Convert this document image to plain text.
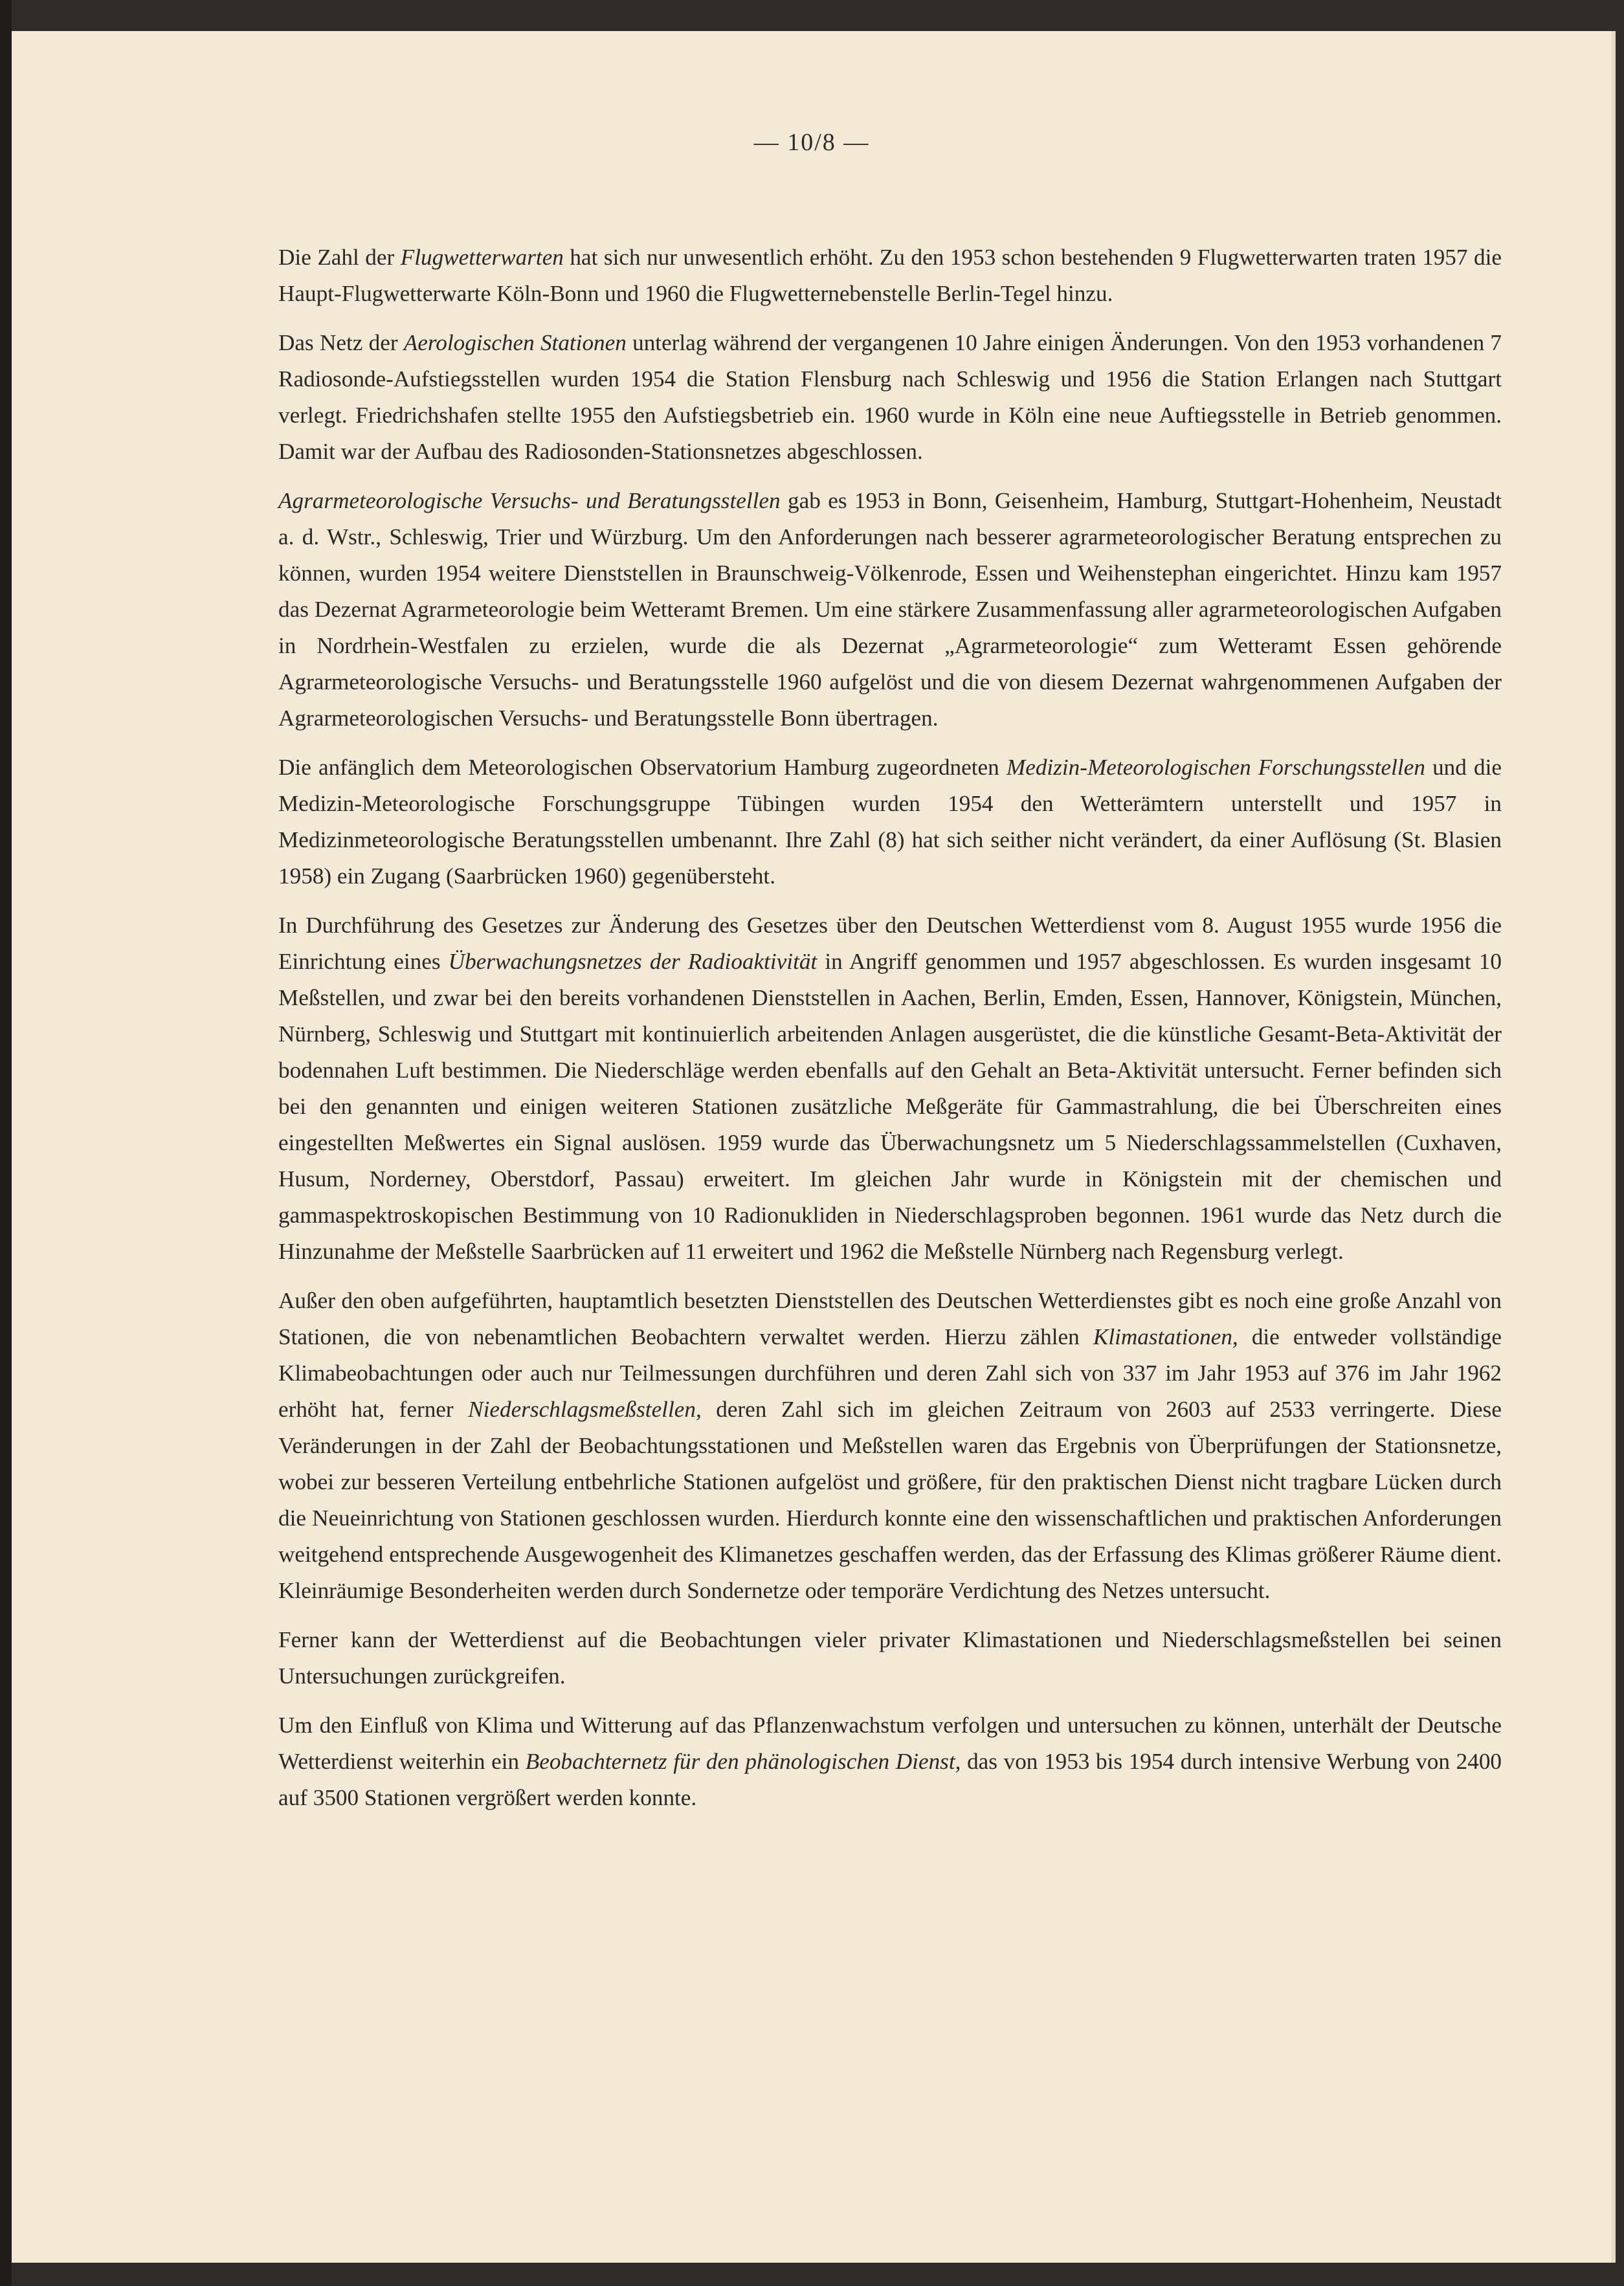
— 10/8 —

Die Zahl der Flugwetterwarten hat sich nur unwesentlich erhöht. Zu den 1953 schon bestehenden 9 Flugwetterwarten traten 1957 die Haupt-Flugwetterwarte Köln-Bonn und 1960 die Flugwetternebenstelle Berlin-Tegel hinzu.

Das Netz der Aerologischen Stationen unterlag während der vergangenen 10 Jahre einigen Änderungen. Von den 1953 vorhandenen 7 Radiosonde-Aufstiegsstellen wurden 1954 die Station Flensburg nach Schleswig und 1956 die Station Erlangen nach Stuttgart verlegt. Friedrichshafen stellte 1955 den Aufstiegsbetrieb ein. 1960 wurde in Köln eine neue Auftiegsstelle in Betrieb genommen. Damit war der Aufbau des Radiosonden-Stationsnetzes abgeschlossen.

Agrarmeteorologische Versuchs- und Beratungsstellen gab es 1953 in Bonn, Geisenheim, Hamburg, Stuttgart-Hohenheim, Neustadt a. d. Wstr., Schleswig, Trier und Würzburg. Um den Anforderungen nach besserer agrarmeteorologischer Beratung entsprechen zu können, wurden 1954 weitere Dienststellen in Braunschweig-Völkenrode, Essen und Weihenstephan eingerichtet. Hinzu kam 1957 das Dezernat Agrarmeteorologie beim Wetteramt Bremen. Um eine stärkere Zusammenfassung aller agrarmeteorologischen Aufgaben in Nordrhein-Westfalen zu erzielen, wurde die als Dezernat „Agrarmeteorologie“ zum Wetteramt Essen gehörende Agrarmeteorologische Versuchs- und Beratungsstelle 1960 aufgelöst und die von diesem Dezernat wahrgenommenen Aufgaben der Agrarmeteorologischen Versuchs- und Beratungsstelle Bonn übertragen.

Die anfänglich dem Meteorologischen Observatorium Hamburg zugeordneten Medizin-Meteorologischen Forschungsstellen und die Medizin-Meteorologische Forschungsgruppe Tübingen wurden 1954 den Wetterämtern unterstellt und 1957 in Medizinmeteorologische Beratungsstellen umbenannt. Ihre Zahl (8) hat sich seither nicht verändert, da einer Auflösung (St. Blasien 1958) ein Zugang (Saarbrücken 1960) gegenübersteht.

In Durchführung des Gesetzes zur Änderung des Gesetzes über den Deutschen Wetterdienst vom 8. August 1955 wurde 1956 die Einrichtung eines Überwachungsnetzes der Radioaktivität in Angriff genommen und 1957 abgeschlossen. Es wurden insgesamt 10 Meßstellen, und zwar bei den bereits vorhandenen Dienststellen in Aachen, Berlin, Emden, Essen, Hannover, Königstein, München, Nürnberg, Schleswig und Stuttgart mit kontinuierlich arbeitenden Anlagen ausgerüstet, die die künstliche Gesamt-Beta-Aktivität der bodennahen Luft bestimmen. Die Niederschläge werden ebenfalls auf den Gehalt an Beta-Aktivität untersucht. Ferner befinden sich bei den genannten und einigen weiteren Stationen zusätzliche Meßgeräte für Gammastrahlung, die bei Überschreiten eines eingestellten Meßwertes ein Signal auslösen. 1959 wurde das Überwachungsnetz um 5 Niederschlagssammelstellen (Cuxhaven, Husum, Norderney, Oberstdorf, Passau) erweitert. Im gleichen Jahr wurde in Königstein mit der chemischen und gammaspektroskopischen Bestimmung von 10 Radionukliden in Niederschlagsproben begonnen. 1961 wurde das Netz durch die Hinzunahme der Meßstelle Saarbrücken auf 11 erweitert und 1962 die Meßstelle Nürnberg nach Regensburg verlegt.

Außer den oben aufgeführten, hauptamtlich besetzten Dienststellen des Deutschen Wetterdienstes gibt es noch eine große Anzahl von Stationen, die von nebenamtlichen Beobachtern verwaltet werden. Hierzu zählen Klimastationen, die entweder vollständige Klimabeobachtungen oder auch nur Teilmessungen durchführen und deren Zahl sich von 337 im Jahr 1953 auf 376 im Jahr 1962 erhöht hat, ferner Niederschlagsmeßstellen, deren Zahl sich im gleichen Zeitraum von 2603 auf 2533 verringerte. Diese Veränderungen in der Zahl der Beobachtungsstationen und Meßstellen waren das Ergebnis von Überprüfungen der Stationsnetze, wobei zur besseren Verteilung entbehrliche Stationen aufgelöst und größere, für den praktischen Dienst nicht tragbare Lücken durch die Neueinrichtung von Stationen geschlossen wurden. Hierdurch konnte eine den wissenschaftlichen und praktischen Anforderungen weitgehend entsprechende Ausgewogenheit des Klimanetzes geschaffen werden, das der Erfassung des Klimas größerer Räume dient. Kleinräumige Besonderheiten werden durch Sondernetze oder temporäre Verdichtung des Netzes untersucht.

Ferner kann der Wetterdienst auf die Beobachtungen vieler privater Klimastationen und Niederschlagsmeßstellen bei seinen Untersuchungen zurückgreifen.

Um den Einfluß von Klima und Witterung auf das Pflanzenwachstum verfolgen und untersuchen zu können, unterhält der Deutsche Wetterdienst weiterhin ein Beobachternetz für den phänologischen Dienst, das von 1953 bis 1954 durch intensive Werbung von 2400 auf 3500 Stationen vergrößert werden konnte.
